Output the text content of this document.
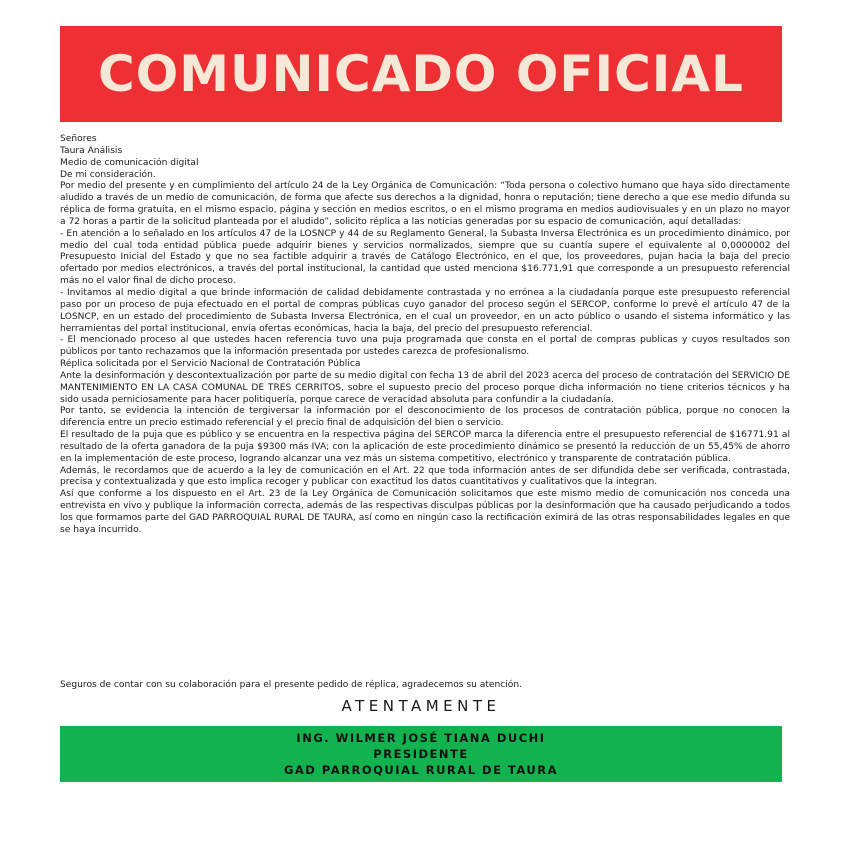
COMUNICADO OFICIAL

Señores

Taura Análisis

Medio de comunicación digital

De mi consideración.

Por medio del presente y en cumplimiento del artículo 24 de la Ley Orgánica de Comunicación: “Toda persona o colectivo humano que haya sido directamente aludido a través de un medio de comunicación, de forma que afecte sus derechos a la dignidad, honra o reputación; tiene derecho a que ese medio difunda su réplica de forma gratuita, en el mismo espacio, página y sección en medios escritos, o en el mismo programa en medios audiovisuales y en un plazo no mayor a 72 horas a partir de la solicitud planteada por el aludido”, solicito réplica a las noticias generadas por su espacio de comunicación, aquí detalladas:

- En atención a lo señalado en los artículos 47 de la LOSNCP y 44 de su Reglamento General, la Subasta Inversa Electrónica es un procedimiento dinámico, por medio del cual toda entidad pública puede adquirir bienes y servicios normalizados, siempre que su cuantía supere el equivalente al 0,0000002 del Presupuesto Inicial del Estado y que no sea factible adquirir a través de Catálogo Electrónico, en el que, los proveedores, pujan hacia la baja del precio ofertado por medios electrónicos, a través del portal institucional, la cantidad que usted menciona $16.771,91 que corresponde a un presupuesto referencial más no el valor final de dicho proceso.

- Invitamos al medio digital a que brinde información de calidad debidamente contrastada y no errónea a la ciudadanía porque este presupuesto referencial paso por un proceso de puja efectuado en el portal de compras públicas cuyo ganador del proceso según el SERCOP, conforme lo prevé el artículo 47 de la LOSNCP, en un estado del procedimiento de Subasta Inversa Electrónica, en el cual un proveedor, en un acto público o usando el sistema informático y las herramientas del portal institucional, envía ofertas económicas, hacia la baja, del precio del presupuesto referencial.

- El mencionado proceso al que ustedes hacen referencia tuvo una puja programada que consta en el portal de compras publicas y cuyos resultados son públicos por tanto rechazamos que la información presentada por ustedes carezca de profesionalismo.

Réplica solicitada por el Servicio Nacional de Contratación Pública

Ante la desinformación y descontextualización por parte de su medio digital con fecha 13 de abril del 2023 acerca del proceso de contratación del SERVICIO DE MANTENIMIENTO EN LA CASA COMUNAL DE TRES CERRITOS, sobre el supuesto precio del proceso porque dicha información no tiene criterios técnicos y ha sido usada perniciosamente para hacer politiquería, porque carece de veracidad absoluta para confundir a la ciudadanía.

Por tanto, se evidencia la intención de tergiversar la información por el desconocimiento de los procesos de contratación pública, porque no conocen la diferencia entre un precio estimado referencial y el precio final de adquisición del bien o servicio.

El resultado de la puja que es público y se encuentra en la respectiva página del SERCOP marca la diferencia entre el presupuesto referencial de $16771.91 al resultado de la oferta ganadora de la puja $9300 más IVA; con la aplicación de este procedimiento dinámico se presentó la reducción de un 55,45% de ahorro en la implementación de este proceso, logrando alcanzar una vez más un sistema competitivo, electrónico y transparente de contratación pública.

Además, le recordamos que de acuerdo a la ley de comunicación en el Art. 22 que toda información antes de ser difundida debe ser verificada, contrastada, precisa y contextualizada y que esto implica recoger y publicar con exactitud los datos cuantitativos y cualitativos que la integran.

Así que conforme a los dispuesto en el Art. 23 de la Ley Orgánica de Comunicación solicitamos que este mismo medio de comunicación nos conceda una entrevista en vivo y publique la información correcta, además de las respectivas disculpas públicas por la desinformación que ha causado perjudicando a todos los que formamos parte del GAD PARROQUIAL RURAL DE TAURA, así como en ningún caso la rectificación eximirá de las otras responsabilidades legales en que se haya incurrido.

Seguros de contar con su colaboración para el presente pedido de réplica, agradecemos su atención.
ATENTAMENTE
ING. WILMER JOSÉ TIANA DUCHI
PRESIDENTE
GAD PARROQUIAL RURAL DE TAURA
